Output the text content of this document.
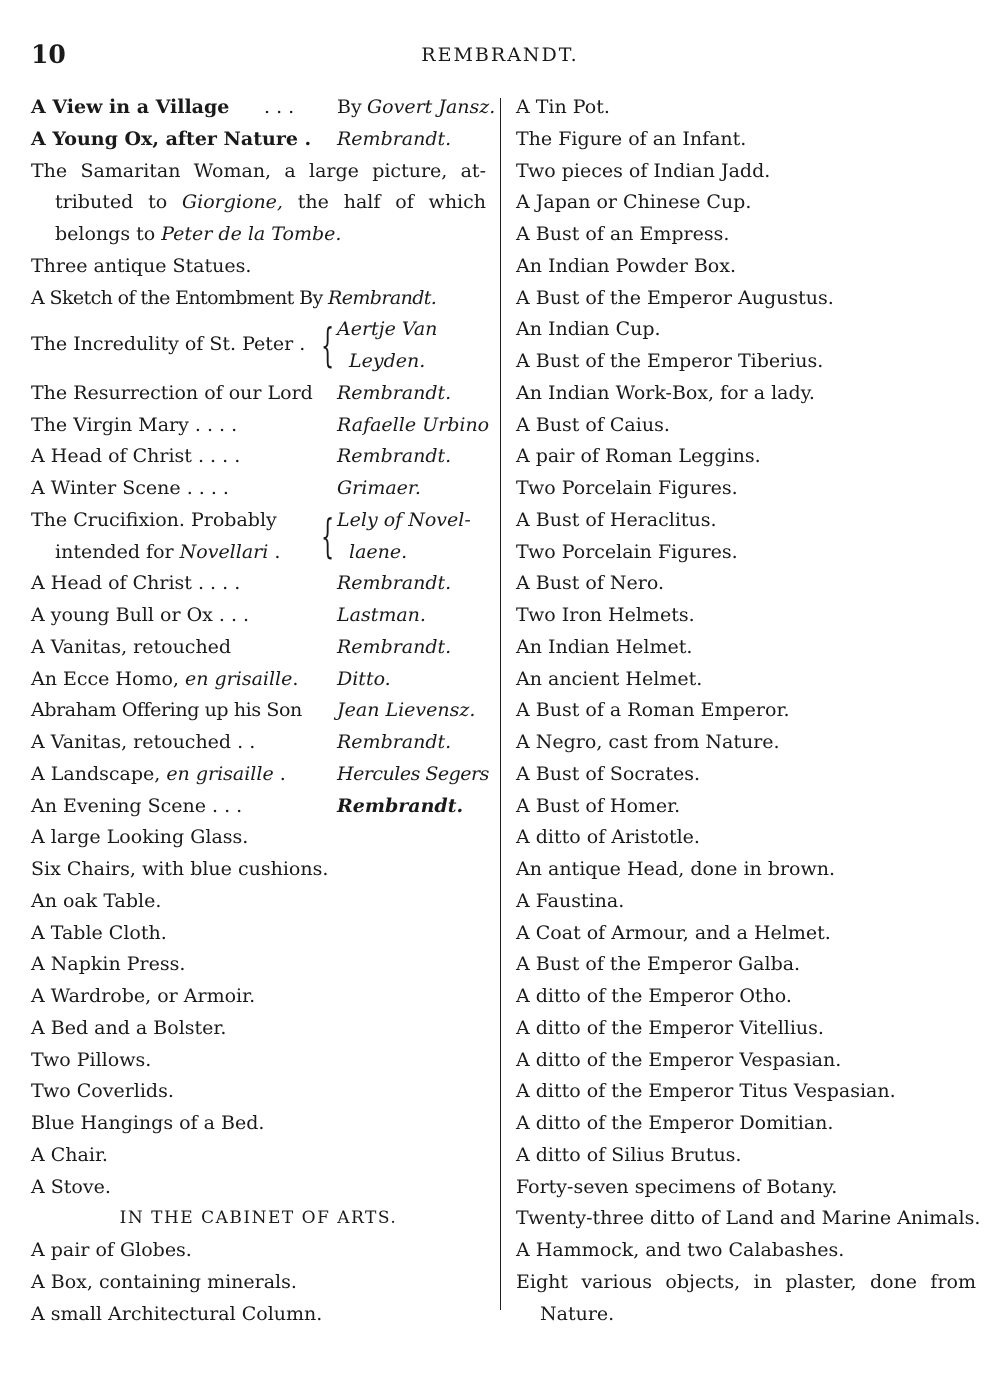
10	REMBRANDT.
A View in a Village . . . By Govert Jansz.
A Young Ox, after Nature . Rembrandt.
The Samaritan Woman, a large picture, at-
tributed to Giorgione, the half of which
belongs to Peter de la Tombe.
Three antique Statues.
A Sketch of the Entombment By Rembrandt.
The Incredulity of St. Peter . { Aertje Van
Leyden.
The Resurrection of our Lord Rembrandt.
The Virgin Mary . . . .	Rafaelle Urbino
A Head of Christ . . . .	Rembrandt.
A Winter Scene . . . .	Grimaer.
The Crucifixion. Probably
intended for Novellari . { Lely of Novel-
laene.
A Head of Christ . . . .	Rembrandt.
A young Bull or Ox . . .	Lastman.
A Vanitas, retouched	Rembrandt.
An Ecce Homo, en grisaille. Ditto.
Abraham Offering up his Son Jean Lievensz.
A Vanitas, retouched . .	Rembrandt.
A Landscape, en grisaille .	Hercules Segers
An Evening Scene . . .	Rembrandt.
A large Looking Glass.
Six Chairs, with blue cushions.
An oak Table.
A Table Cloth.
A Napkin Press.
A Wardrobe, or Armoir.
A Bed and a Bolster.
Two Pillows.
Two Coverlids.
Blue Hangings of a Bed.
A Chair.
A Stove.
IN THE CABINET OF ARTS.
A pair of Globes.
A Box, containing minerals.
A small Architectural Column.
A Tin Pot.
The Figure of an Infant.
Two pieces of Indian Jadd.
A Japan or Chinese Cup.
A Bust of an Empress.
An Indian Powder Box.
A Bust of the Emperor Augustus.
An Indian Cup.
A Bust of the Emperor Tiberius.
An Indian Work-Box, for a lady.
A Bust of Caius.
A pair of Roman Leggins.
Two Porcelain Figures.
A Bust of Heraclitus.
Two Porcelain Figures.
A Bust of Nero.
Two Iron Helmets.
An Indian Helmet.
An ancient Helmet.
A Bust of a Roman Emperor.
A Negro, cast from Nature.
A Bust of Socrates.
A Bust of Homer.
A ditto of Aristotle.
An antique Head, done in brown.
A Faustina.
A Coat of Armour, and a Helmet.
A Bust of the Emperor Galba.
A ditto of the Emperor Otho.
A ditto of the Emperor Vitellius.
A ditto of the Emperor Vespasian.
A ditto of the Emperor Titus Vespasian.
A ditto of the Emperor Domitian.
A ditto of Silius Brutus.
Forty-seven specimens of Botany.
Twenty-three ditto of Land and Marine Animals.
A Hammock, and two Calabashes.
Eight various objects, in plaster, done from
Nature.
